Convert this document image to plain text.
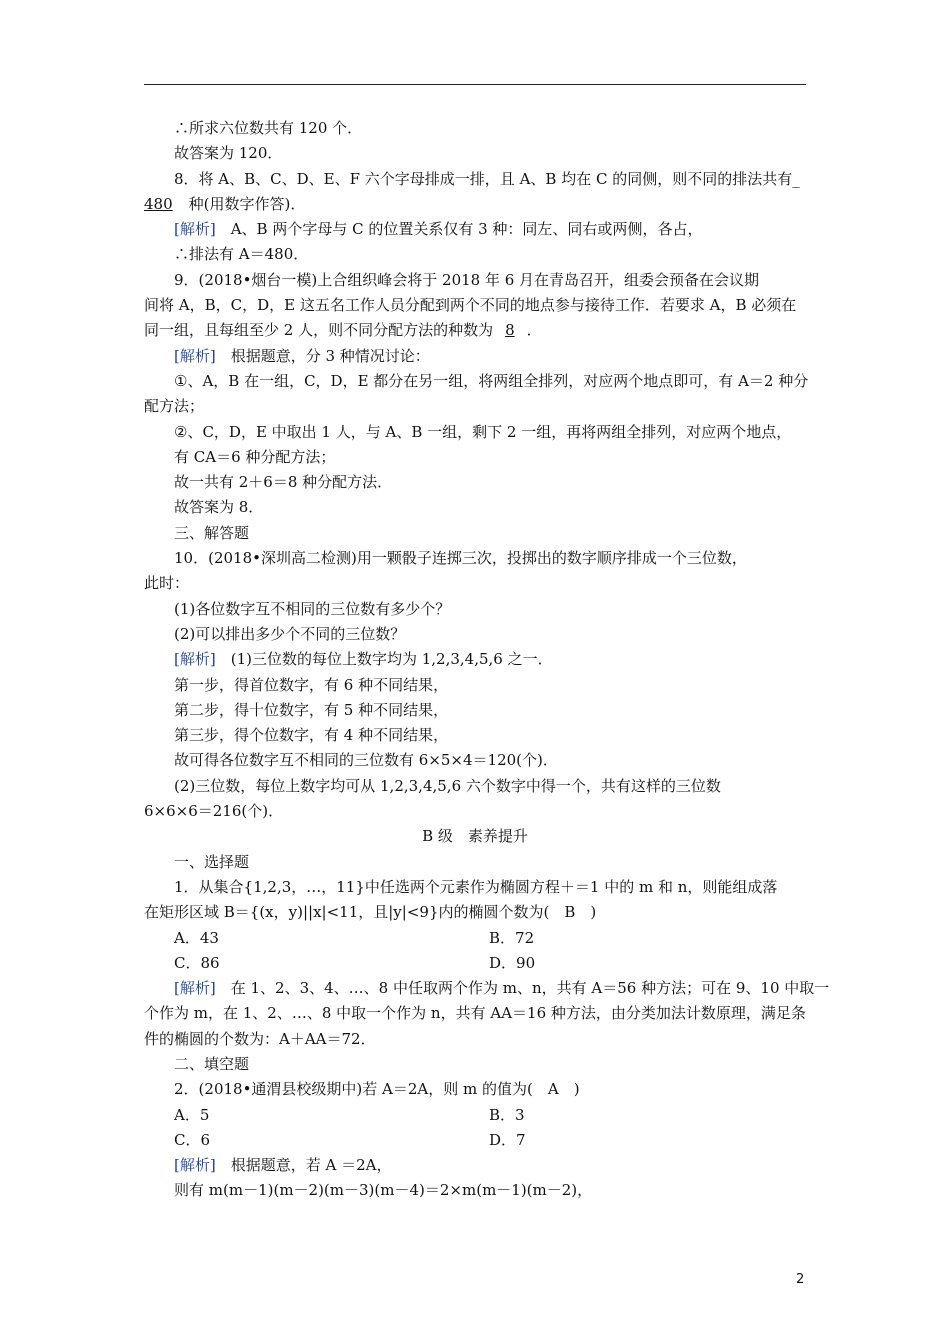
∴所求六位数共有 120 个．
故答案为 120．
8．将 A、B、C、D、E、F 六个字母排成一排，且 A、B 均在 C 的同侧，则不同的排法共有_
480 种(用数字作答)．
[解析]　A、B 两个字母与 C 的位置关系仅有 3 种：同左、同右或两侧，各占，
∴排法有 A＝480．
9．(2018•烟台一模)上合组织峰会将于 2018 年 6 月在青岛召开，组委会预备在会议期
间将 A，B，C，D，E 这五名工作人员分配到两个不同的地点参与接待工作．若要求 A，B 必须在
同一组，且每组至少 2 人，则不同分配方法的种数为 8 ．
[解析]　根据题意，分 3 种情况讨论：
①、A，B 在一组，C，D，E 都分在另一组，将两组全排列，对应两个地点即可，有 A＝2 种分
配方法；
②、C，D，E 中取出 1 人，与 A、B 一组，剩下 2 一组，再将两组全排列，对应两个地点，
有 CA＝6 种分配方法；
故一共有 2＋6＝8 种分配方法．
故答案为 8．
三、解答题
10．(2018•深圳高二检测)用一颗骰子连掷三次，投掷出的数字顺序排成一个三位数，
此时：
(1)各位数字互不相同的三位数有多少个？
(2)可以排出多少个不同的三位数？
[解析]　(1)三位数的每位上数字均为 1,2,3,4,5,6 之一．
第一步，得首位数字，有 6 种不同结果，
第二步，得十位数字，有 5 种不同结果，
第三步，得个位数字，有 4 种不同结果，
故可得各位数字互不相同的三位数有 6×5×4＝120(个)．
(2)三位数，每位上数字均可从 1,2,3,4,5,6 六个数字中得一个，共有这样的三位数
6×6×6＝216(个)．
B 级　素养提升
一、选择题
1．从集合{1,2,3，…，11}中任选两个元素作为椭圆方程＋＝1 中的 m 和 n，则能组成落
在矩形区域 B＝{(x，y)||x|<11，且|y|<9}内的椭圆个数为(　B　)
A．43	B．72
C．86	D．90
[解析]　在 1、2、3、4、…、8 中任取两个作为 m、n，共有 A＝56 种方法；可在 9、10 中取一
个作为 m，在 1、2、…、8 中取一个作为 n，共有 AA＝16 种方法，由分类加法计数原理，满足条
件的椭圆的个数为：A＋AA＝72．
二、填空题
2．(2018•通渭县校级期中)若 A＝2A，则 m 的值为(　A　)
A．5	B．3
C．6	D．7
[解析]　根据题意，若 A ＝2A，
则有 m(m－1)(m－2)(m－3)(m－4)＝2×m(m－1)(m－2)，
2
